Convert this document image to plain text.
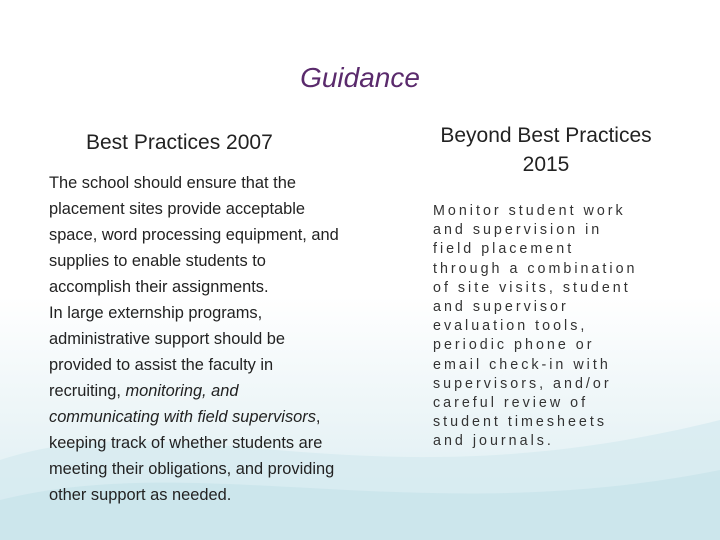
Guidance
Best Practices 2007
The school should ensure that the
placement sites provide acceptable
space, word processing equipment, and
supplies to enable students to
accomplish their assignments.
In large externship programs,
administrative support should be
provided to assist the faculty in
recruiting, monitoring, and
communicating with field supervisors,
keeping track of whether students are
meeting their obligations, and providing
other support as needed.
Beyond Best Practices
2015
Monitor student work
and supervision in
field placement
through a combination
of site visits, student
and supervisor
evaluation tools,
periodic phone or
email check-in with
supervisors, and/or
careful review of
student timesheets
and journals.
